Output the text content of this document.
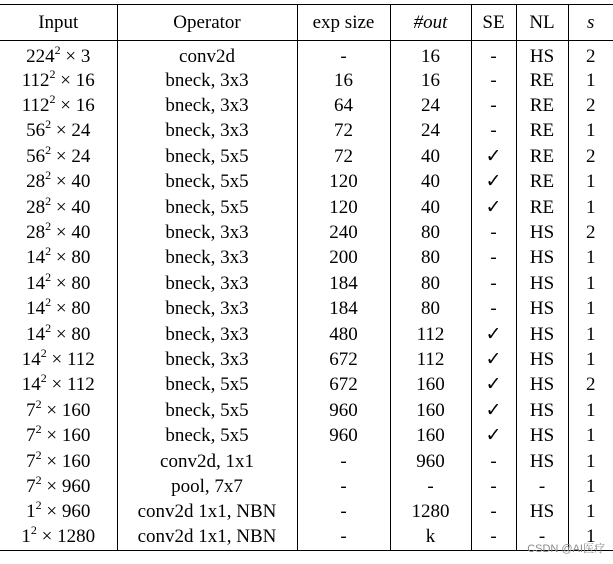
Input	Operator	exp size	#out	SE	NL	s
$224^2 \times 3$	conv2d	-	16	-	HS	2
$112^2 \times 16$	bneck, 3x3	16	16	-	RE	1
$112^2 \times 16$	bneck, 3x3	64	24	-	RE	2
$56^2 \times 24$	bneck, 3x3	72	24	-	RE	1
$56^2 \times 24$	bneck, 5x5	72	40	✓	RE	2
$28^2 \times 40$	bneck, 5x5	120	40	✓	RE	1
$28^2 \times 40$	bneck, 5x5	120	40	✓	RE	1
$28^2 \times 40$	bneck, 3x3	240	80	-	HS	2
$14^2 \times 80$	bneck, 3x3	200	80	-	HS	1
$14^2 \times 80$	bneck, 3x3	184	80	-	HS	1
$14^2 \times 80$	bneck, 3x3	184	80	-	HS	1
$14^2 \times 80$	bneck, 3x3	480	112	✓	HS	1
$14^2 \times 112$	bneck, 3x3	672	112	✓	HS	1
$14^2 \times 112$	bneck, 5x5	672	160	✓	HS	2
$7^2 \times 160$	bneck, 5x5	960	160	✓	HS	1
$7^2 \times 160$	bneck, 5x5	960	160	✓	HS	1
$7^2 \times 160$	conv2d, 1x1	-	960	-	HS	1
$7^2 \times 960$	pool, 7x7	-	-	-	-	1
$1^2 \times 960$	conv2d 1x1, NBN	-	1280	-	HS	1
$1^2 \times 1280$	conv2d 1x1, NBN	-	k	-	-	1
CSDN @AI医疗
